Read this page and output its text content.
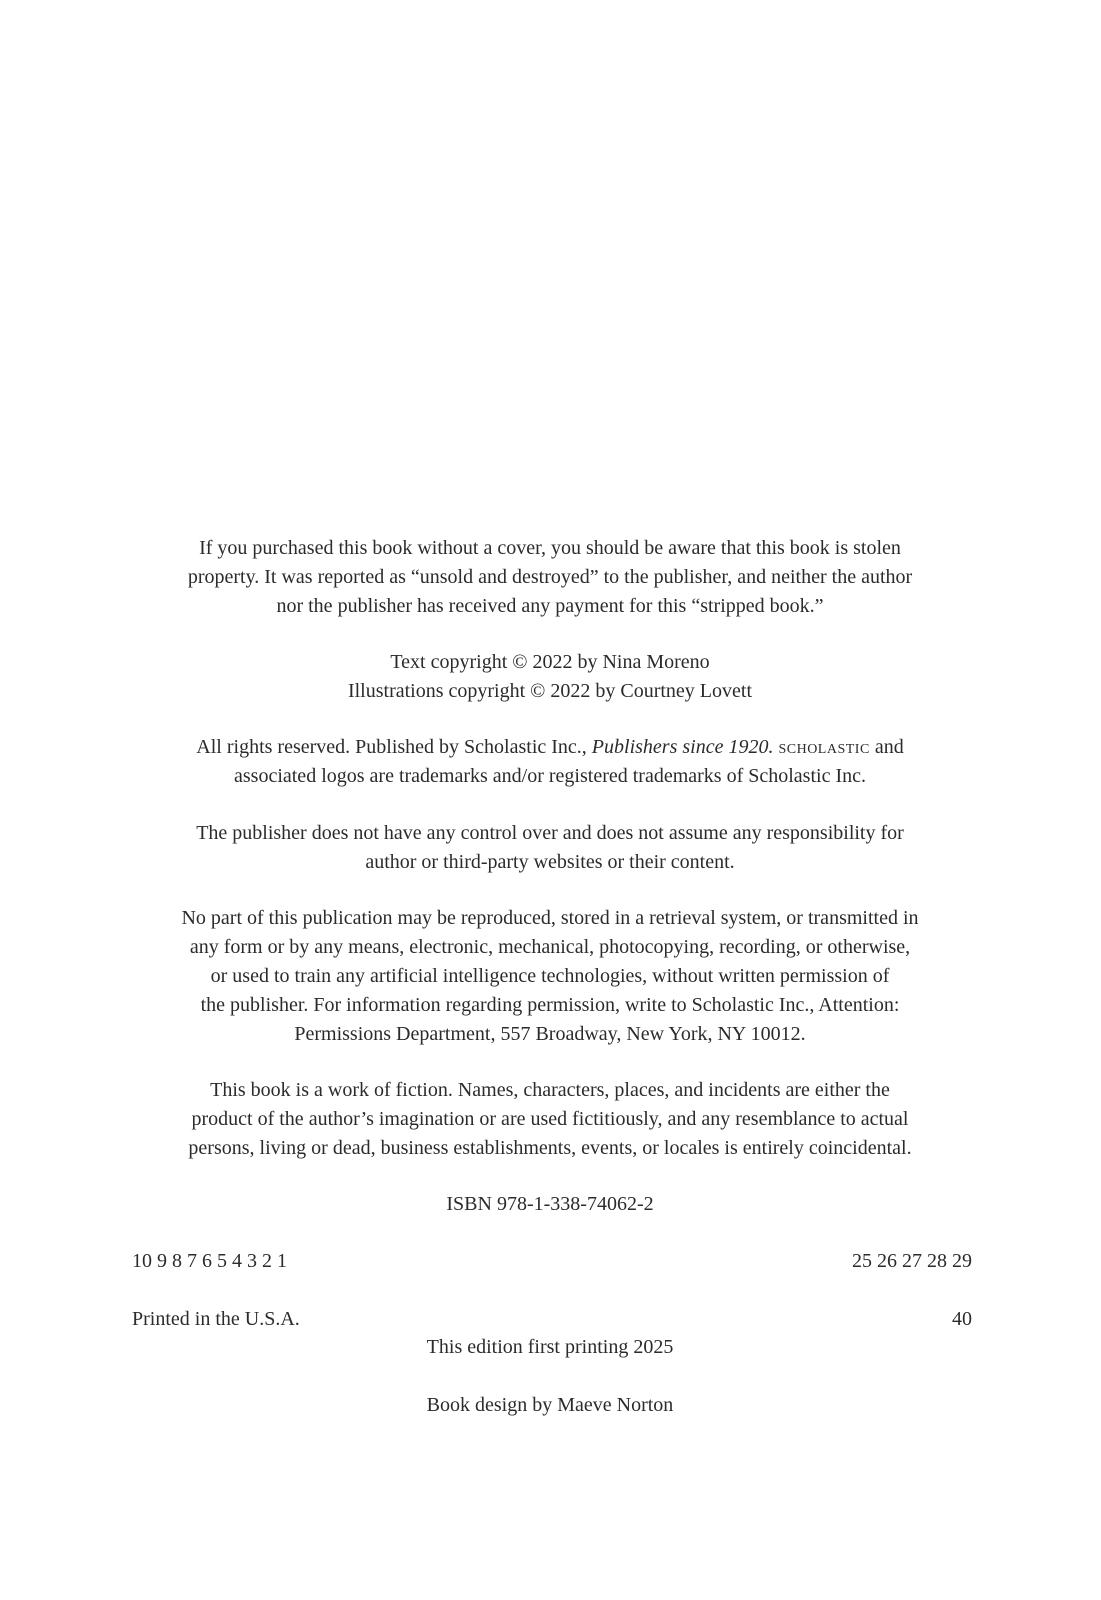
If you purchased this book without a cover, you should be aware that this book is stolen
property. It was reported as “unsold and destroyed” to the publisher, and neither the author
nor the publisher has received any payment for this “stripped book.”
Text copyright © 2022 by Nina Moreno
Illustrations copyright © 2022 by Courtney Lovett
All rights reserved. Published by Scholastic Inc., Publishers since 1920. scholastic and
associated logos are trademarks and/or registered trademarks of Scholastic Inc.
The publisher does not have any control over and does not assume any responsibility for
author or third-party websites or their content.
No part of this publication may be reproduced, stored in a retrieval system, or transmitted in
any form or by any means, electronic, mechanical, photocopying, recording, or otherwise,
or used to train any artificial intelligence technologies, without written permission of
the publisher. For information regarding permission, write to Scholastic Inc., Attention:
Permissions Department, 557 Broadway, New York, NY 10012.
This book is a work of fiction. Names, characters, places, and incidents are either the
product of the author’s imagination or are used fictitiously, and any resemblance to actual
persons, living or dead, business establishments, events, or locales is entirely coincidental.
ISBN 978-1-338-74062-2
10 9 8 7 6 5 4 3 2 1	25 26 27 28 29
Printed in the U.S.A.	40
This edition first printing 2025
Book design by Maeve Norton
